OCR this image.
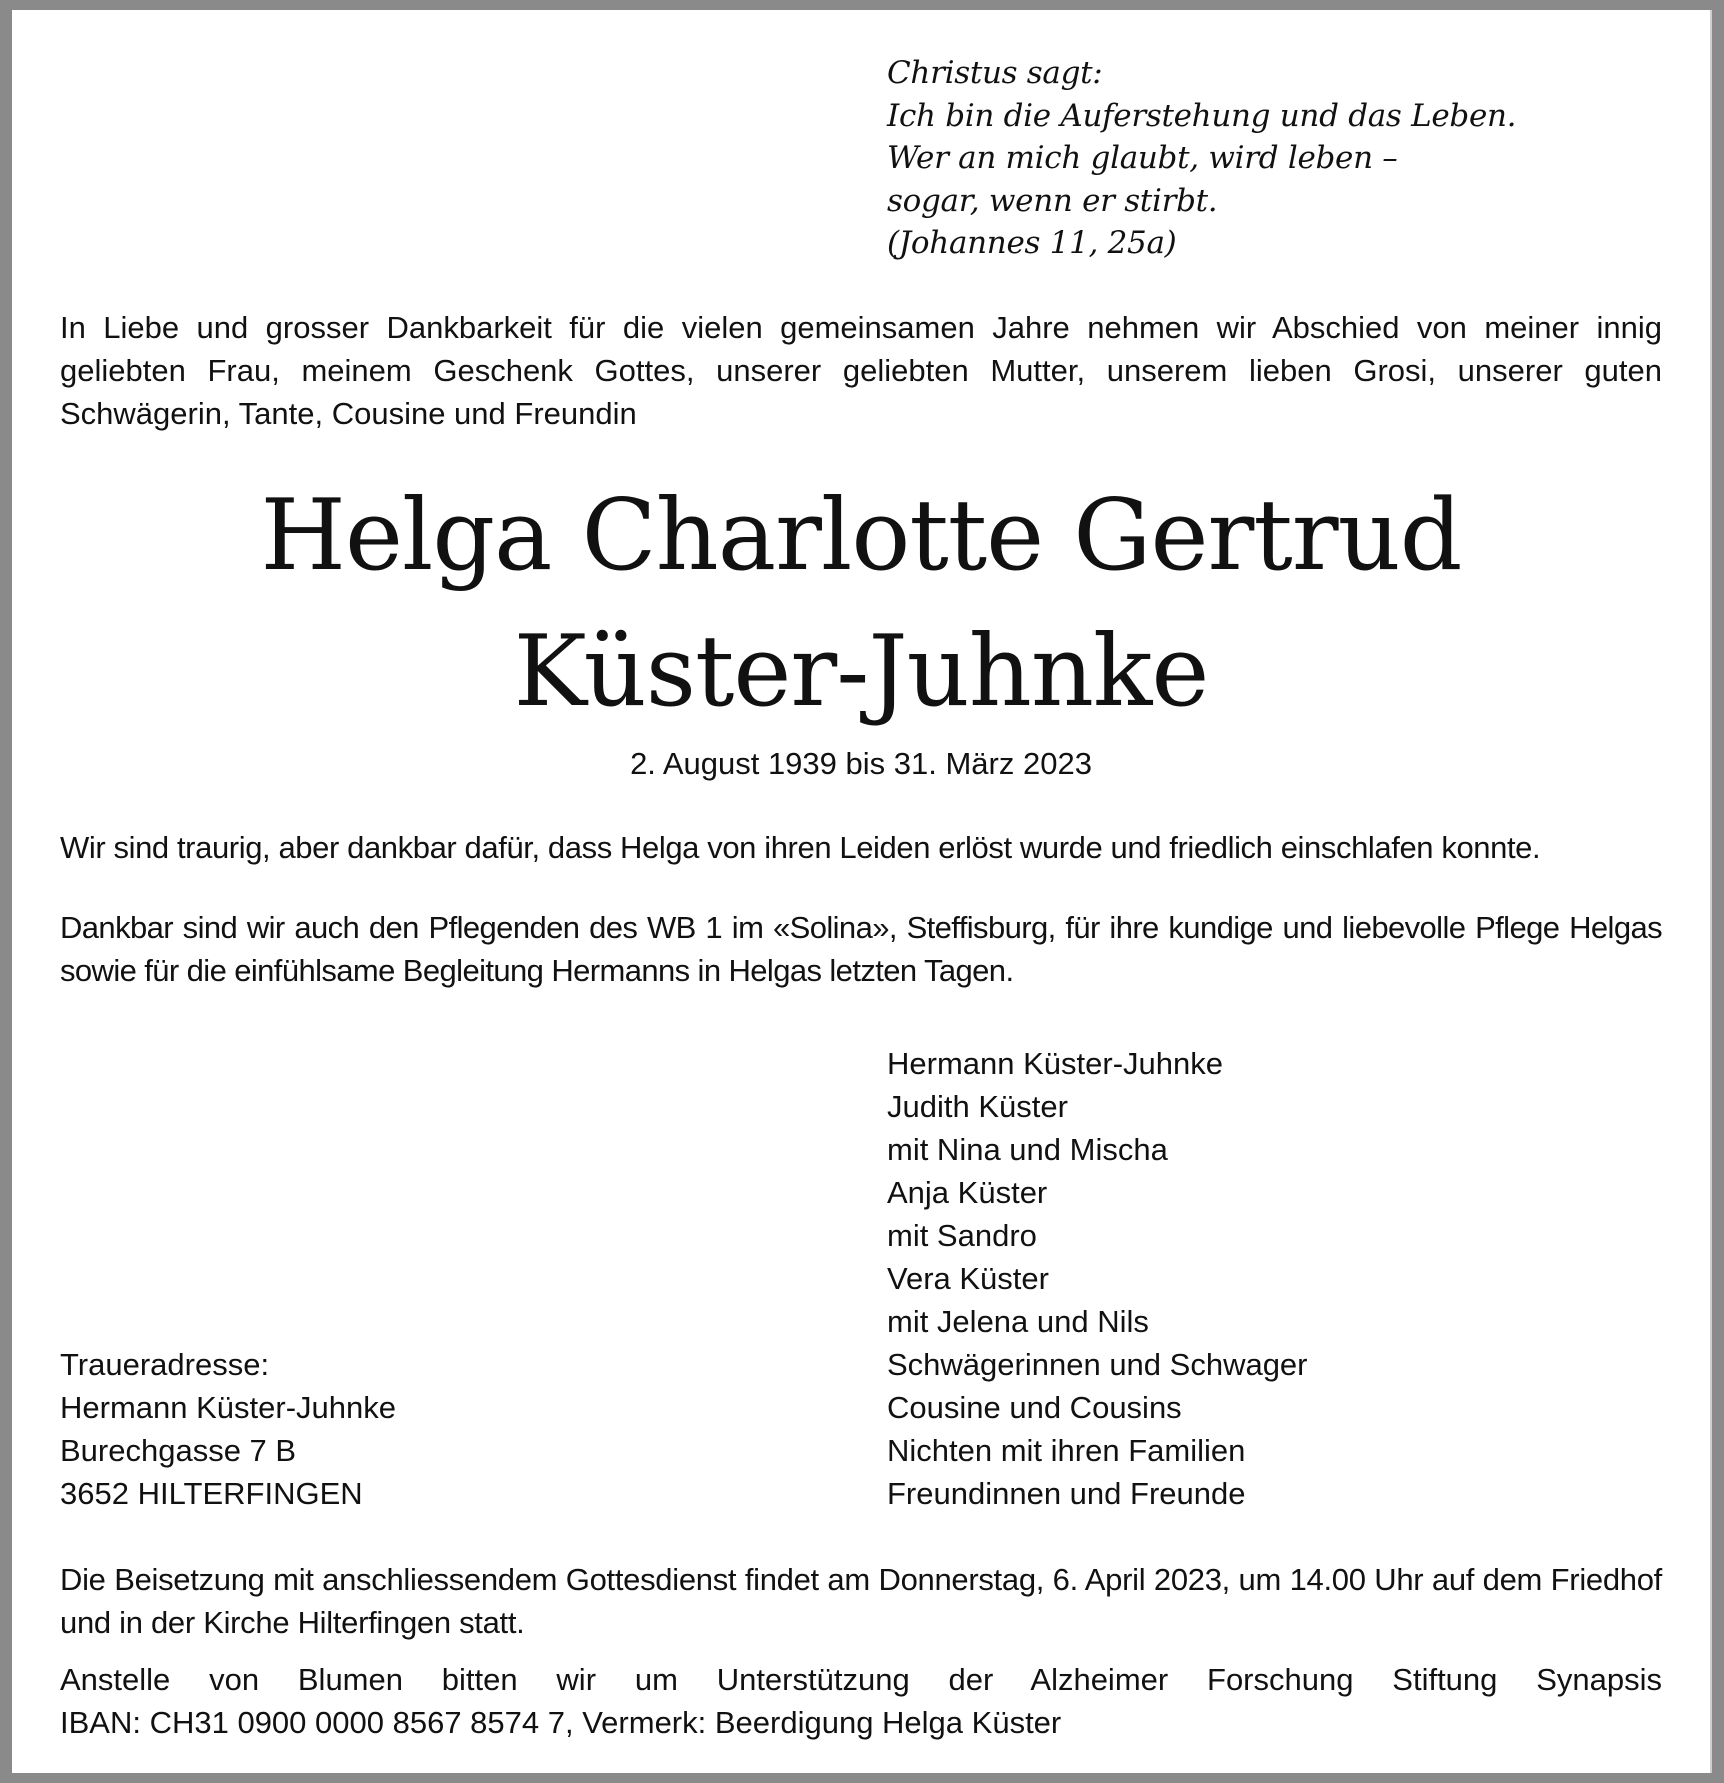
Christus sagt:
Ich bin die Auferstehung und das Leben.
Wer an mich glaubt, wird leben –
sogar, wenn er stirbt.
(Johannes 11, 25a)
In Liebe und grosser Dankbarkeit für die vielen gemeinsamen Jahre nehmen wir Abschied von meiner innig geliebten Frau, meinem Geschenk Gottes, unserer geliebten Mutter, unserem lieben Grosi, unserer guten Schwägerin, Tante, Cousine und Freundin
Helga Charlotte Gertrud
Küster-Juhnke
2. August 1939 bis 31. März 2023
Wir sind traurig, aber dankbar dafür, dass Helga von ihren Leiden erlöst wurde und friedlich einschlafen konnte.
Dankbar sind wir auch den Pflegenden des WB 1 im «Solina», Steffisburg, für ihre kundige und liebevolle Pflege Helgas sowie für die einfühlsame Begleitung Hermanns in Helgas letzten Tagen.
Hermann Küster-Juhnke
Judith Küster
mit Nina und Mischa
Anja Küster
mit Sandro
Vera Küster
mit Jelena und Nils
Schwägerinnen und Schwager
Cousine und Cousins
Nichten mit ihren Familien
Freundinnen und Freunde
Traueradresse:
Hermann Küster-Juhnke
Burechgasse 7 B
3652 HILTERFINGEN
Die Beisetzung mit anschliessendem Gottesdienst findet am Donnerstag, 6. April 2023, um 14.00 Uhr auf dem Friedhof und in der Kirche Hilterfingen statt.
Anstelle von Blumen bitten wir um Unterstützung der Alzheimer Forschung Stiftung Synapsis
IBAN: CH31 0900 0000 8567 8574 7, Vermerk: Beerdigung Helga Küster
